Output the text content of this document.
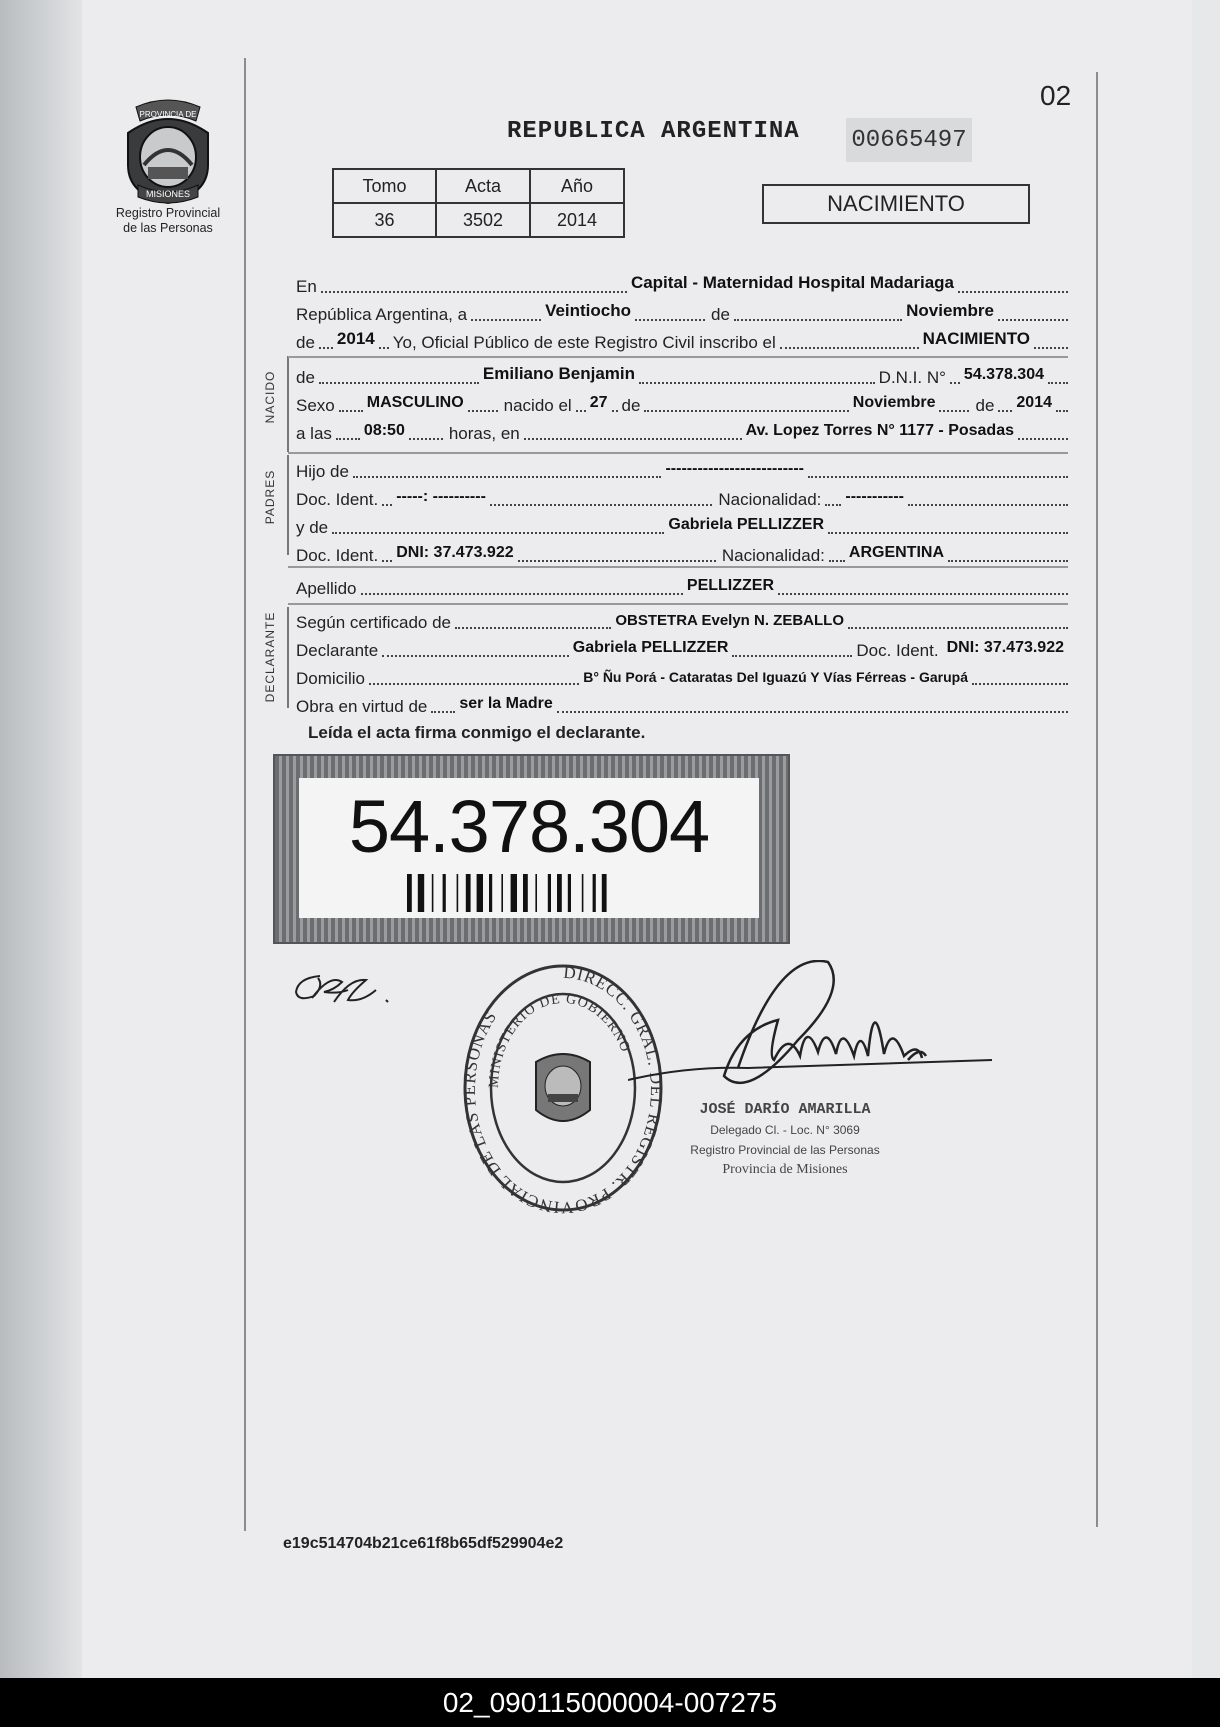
PROVINCIA DE
MISIONES
Registro Provincial
de las Personas
02
REPUBLICA ARGENTINA 00665497
Tomo	Acta	Año
36	3502	2014
NACIMIENTO
NACIDO
PADRES
DECLARANTE
En	Capital - Maternidad Hospital Madariaga
República Argentina, a	Veintiocho	de	Noviembre
de 2014 Yo, Oficial Público de este Registro Civil inscribo el	NACIMIENTO
de	Emiliano Benjamin	D.N.I. N° 54.378.304
Sexo MASCULINO	nacido el 27 de	Noviembre	de 2014
a las 08:50	horas, en	Av. Lopez Torres N° 1177 - Posadas
Hijo de	--------------------------
Doc. Ident. -----: ----------	Nacionalidad: -----------
y de	Gabriela PELLIZZER
Doc. Ident. DNI: 37.473.922	Nacionalidad: ARGENTINA
Apellido	PELLIZZER
Según certificado de	OBSTETRA Evelyn N. ZEBALLO
Declarante	Gabriela PELLIZZER	Doc. Ident. DNI: 37.473.922
Domicilio	B° Ñu Porá - Cataratas Del Iguazú Y Vías Férreas - Garupá
Obra en virtud de ser la Madre
Leída el acta firma conmigo el declarante.
54.378.304
DIRECC. GRAL. DEL REGISTR. PROVINCIAL DE LAS PERSONAS
MINISTERIO DE GOBIERNO
JOSÉ DARÍO AMARILLA
Delegado Cl. - Loc. N° 3069
Registro Provincial de las Personas
Provincia de Misiones
e19c514704b21ce61f8b65df529904e2
02_090115000004-007275
